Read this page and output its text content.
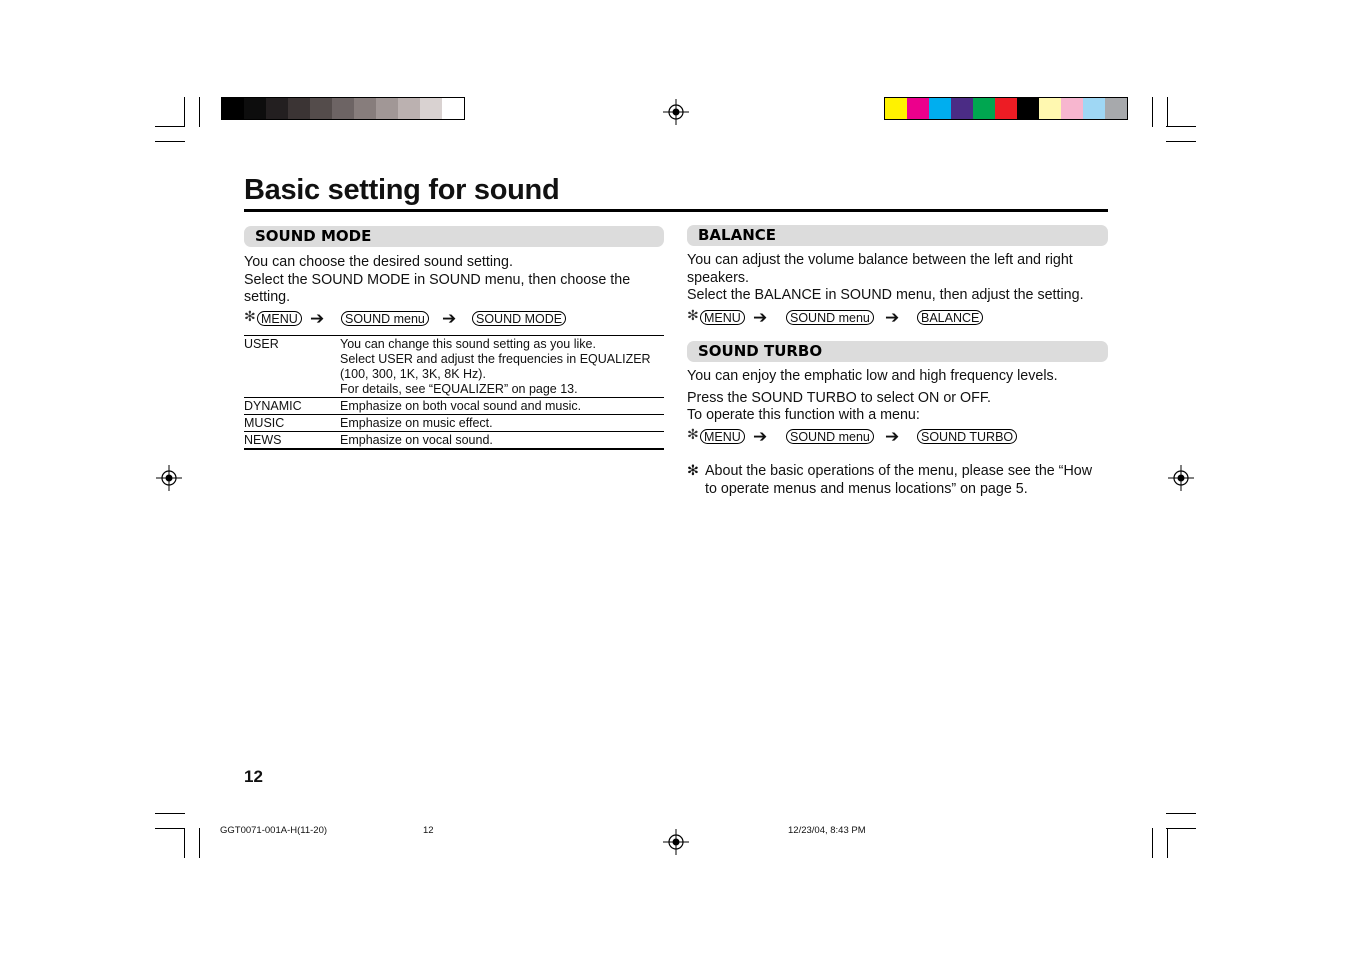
Basic setting for sound
SOUND MODE

You can choose the desired sound setting.

Select the SOUND MODE in SOUND menu, then choose the

setting.

✻ MENU ➔	SOUND menu ➔	SOUND MODE
USER	You can change this sound setting as you like.
Select USER and adjust the frequencies in EQUALIZER
(100, 300, 1K, 3K, 8K Hz).
For details, see “EQUALIZER” on page 13.

DYNAMIC	Emphasize on both vocal sound and music.

MUSIC	Emphasize on music effect.

NEWS	Emphasize on vocal sound.
BALANCE

You can adjust the volume balance between the left and right

speakers.

Select the BALANCE in SOUND menu, then adjust the setting.

✻ MENU ➔	SOUND menu ➔	BALANCE
SOUND TURBO
You can enjoy the emphatic low and high frequency levels.
Press the SOUND TURBO to select ON or OFF.
To operate this function with a menu:
✻ MENU ➔	SOUND menu ➔	SOUND TURBO
✻ About the basic operations of the menu, please see the “How
to operate menus and menus locations” on page 5.
12
GGT0071-001A-H(11-20)	12	12/23/04, 8:43 PM
